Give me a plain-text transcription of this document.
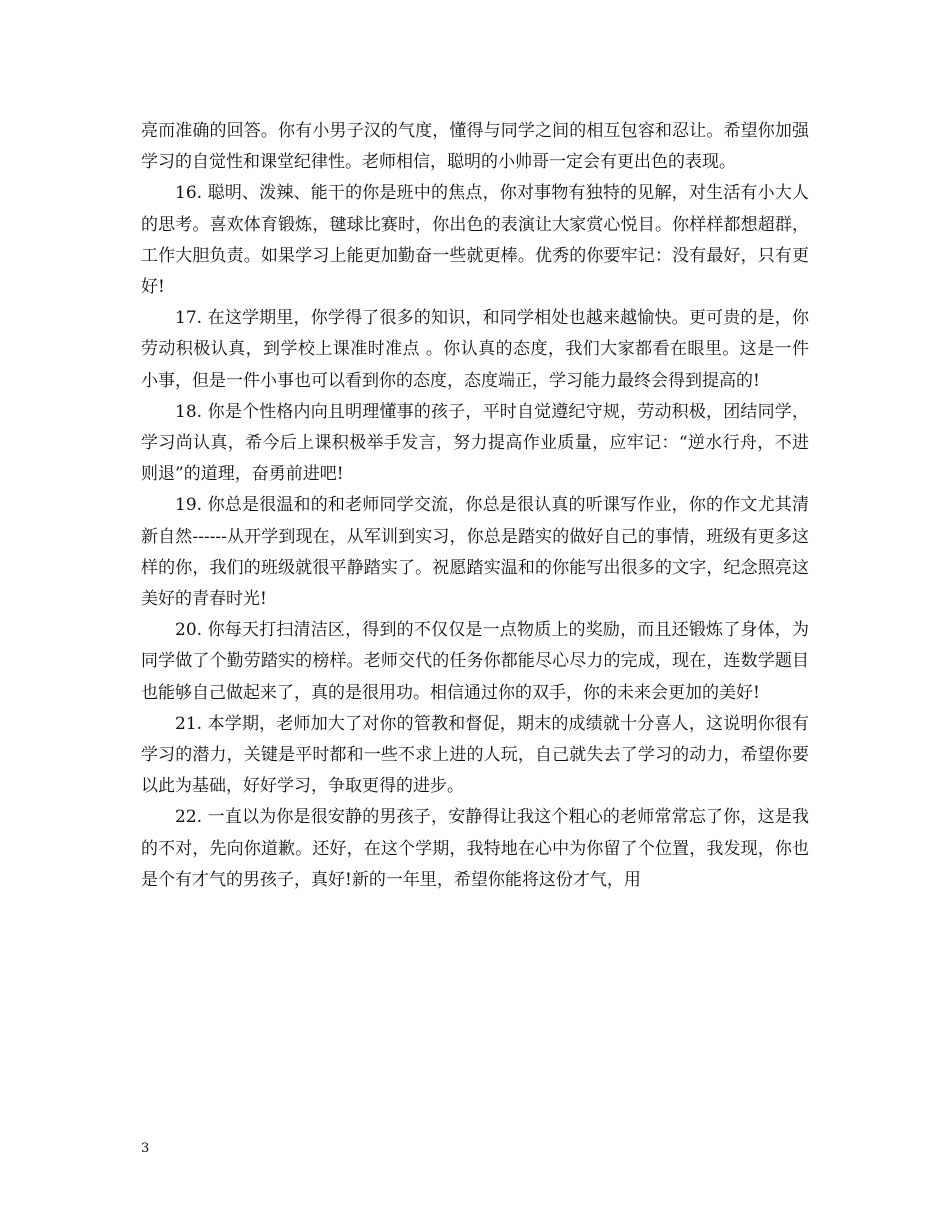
亮而准确的回答。你有小男子汉的气度，懂得与同学之间的相互包容和忍让。希望你加强学习的自觉性和课堂纪律性。老师相信，聪明的小帅哥一定会有更出色的表现。

16. 聪明、泼辣、能干的你是班中的焦点，你对事物有独特的见解，对生活有小大人的思考。喜欢体育锻炼，毽球比赛时，你出色的表演让大家赏心悦目。你样样都想超群，工作大胆负责。如果学习上能更加勤奋一些就更棒。优秀的你要牢记：没有最好，只有更好!

17. 在这学期里，你学得了很多的知识，和同学相处也越来越愉快。更可贵的是，你劳动积极认真，到学校上课准时准点 。你认真的态度，我们大家都看在眼里。这是一件小事，但是一件小事也可以看到你的态度，态度端正，学习能力最终会得到提高的!

18. 你是个性格内向且明理懂事的孩子，平时自觉遵纪守规，劳动积极，团结同学，学习尚认真，希今后上课积极举手发言，努力提高作业质量，应牢记：“逆水行舟，不进则退”的道理，奋勇前进吧!

19. 你总是很温和的和老师同学交流，你总是很认真的听课写作业，你的作文尤其清新自然------从开学到现在，从军训到实习，你总是踏实的做好自己的事情，班级有更多这样的你，我们的班级就很平静踏实了。祝愿踏实温和的你能写出很多的文字，纪念照亮这美好的青春时光!

20. 你每天打扫清洁区，得到的不仅仅是一点物质上的奖励，而且还锻炼了身体，为同学做了个勤劳踏实的榜样。老师交代的任务你都能尽心尽力的完成，现在，连数学题目也能够自己做起来了，真的是很用功。相信通过你的双手，你的未来会更加的美好!

21. 本学期，老师加大了对你的管教和督促，期末的成绩就十分喜人，这说明你很有学习的潜力，关键是平时都和一些不求上进的人玩，自己就失去了学习的动力，希望你要以此为基础，好好学习，争取更得的进步。

22. 一直以为你是很安静的男孩子，安静得让我这个粗心的老师常常忘了你，这是我的不对，先向你道歉。还好，在这个学期，我特地在心中为你留了个位置，我发现，你也是个有才气的男孩子，真好!新的一年里，希望你能将这份才气，用

3
